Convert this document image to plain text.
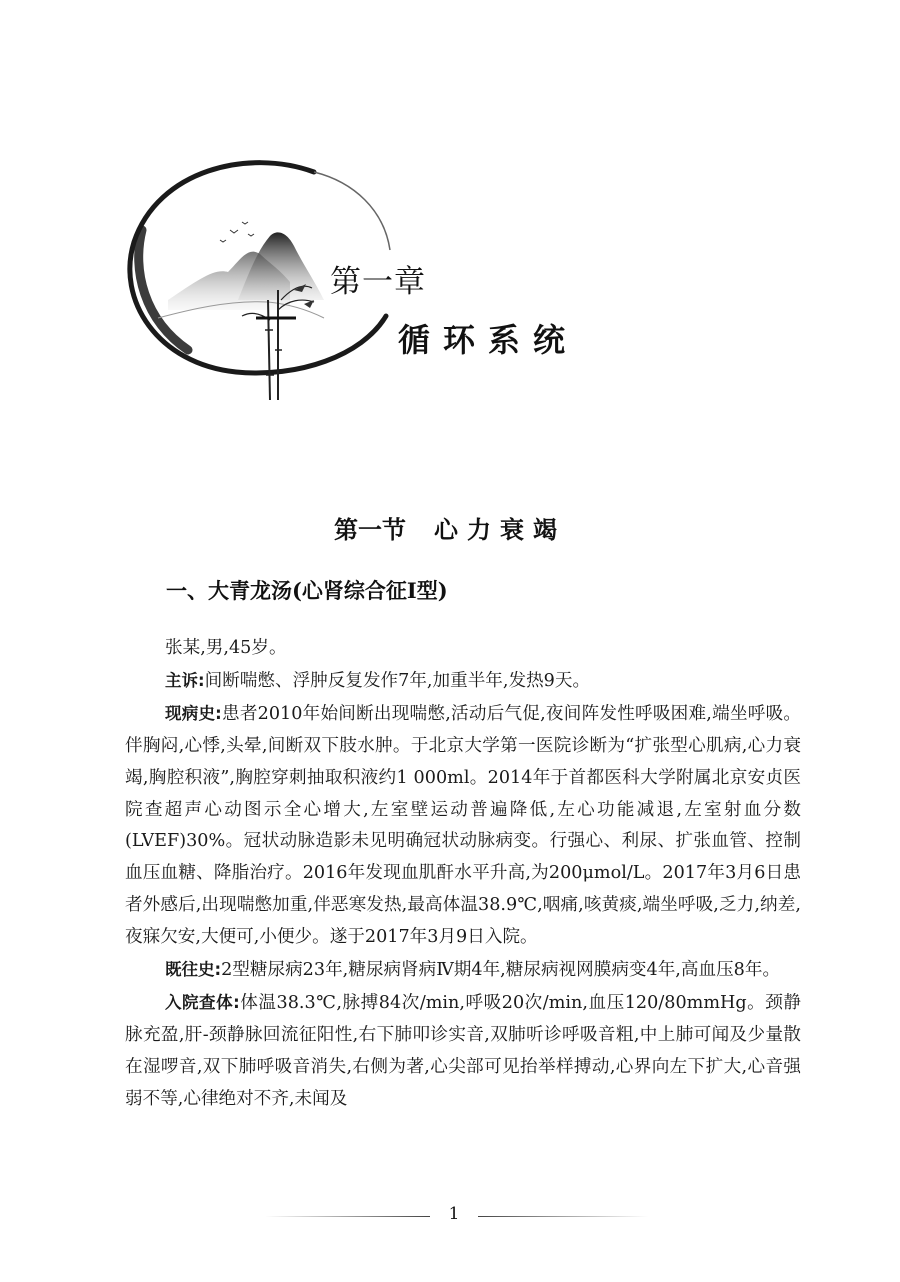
第一章
循环系统
第一节 心力衰竭
一、大青龙汤(心肾综合征Ⅰ型)

张某,男,45岁。

主诉:间断喘憋、浮肿反复发作7年,加重半年,发热9天。

现病史:患者2010年始间断出现喘憋,活动后气促,夜间阵发性呼吸困难,端坐呼吸。伴胸闷,心悸,头晕,间断双下肢水肿。于北京大学第一医院诊断为“扩张型心肌病,心力衰竭,胸腔积液”,胸腔穿刺抽取积液约1 000ml。2014年于首都医科大学附属北京安贞医院查超声心动图示全心增大,左室壁运动普遍降低,左心功能减退,左室射血分数(LVEF)30%。冠状动脉造影未见明确冠状动脉病变。行强心、利尿、扩张血管、控制血压血糖、降脂治疗。2016年发现血肌酐水平升高,为200μmol/L。2017年3月6日患者外感后,出现喘憋加重,伴恶寒发热,最高体温38.9℃,咽痛,咳黄痰,端坐呼吸,乏力,纳差,夜寐欠安,大便可,小便少。遂于2017年3月9日入院。

既往史:2型糖尿病23年,糖尿病肾病Ⅳ期4年,糖尿病视网膜病变4年,高血压8年。

入院查体:体温38.3℃,脉搏84次/min,呼吸20次/min,血压120/80mmHg。颈静脉充盈,肝-颈静脉回流征阳性,右下肺叩诊实音,双肺听诊呼吸音粗,中上肺可闻及少量散在湿啰音,双下肺呼吸音消失,右侧为著,心尖部可见抬举样搏动,心界向左下扩大,心音强弱不等,心律绝对不齐,未闻及

1
